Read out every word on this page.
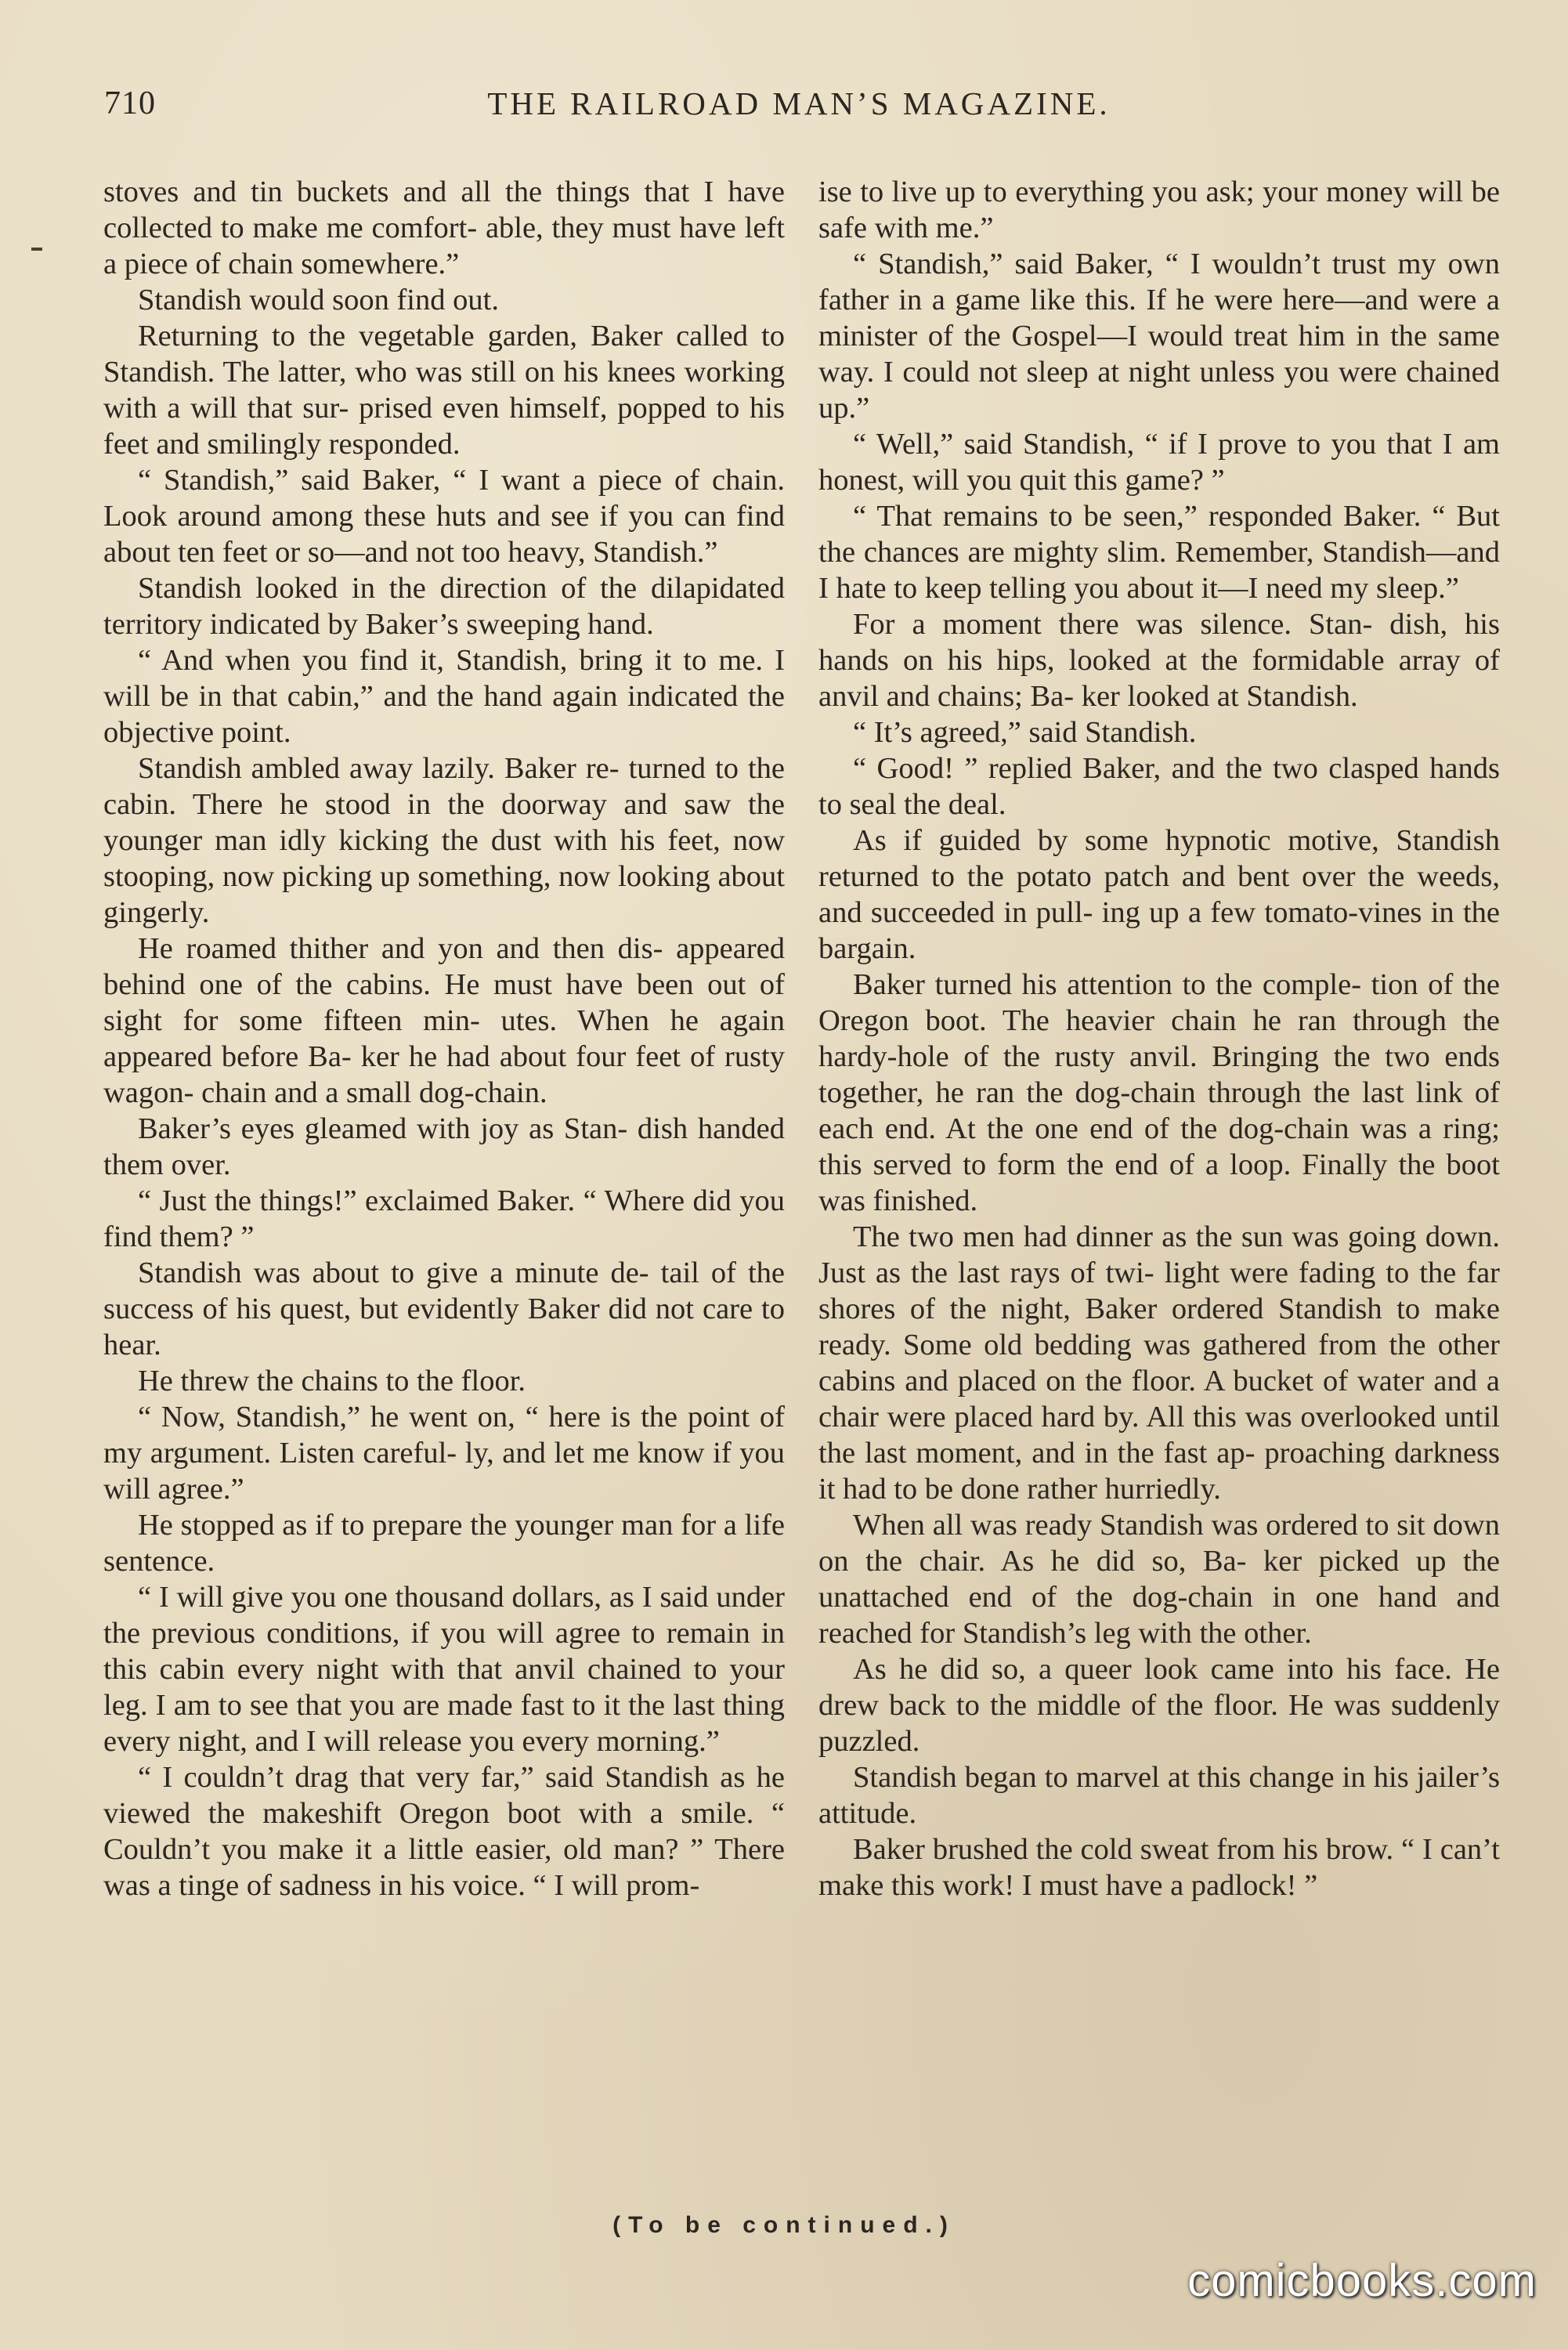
710	THE RAILROAD MAN’S MAGAZINE.

stoves and tin buckets and all the things that I have collected to make me comfort- able, they must have left a piece of chain somewhere.”

Standish would soon find out.

Returning to the vegetable garden, Baker called to Standish. The latter, who was still on his knees working with a will that sur- prised even himself, popped to his feet and smilingly responded.

“ Standish,” said Baker, “ I want a piece of chain. Look around among these huts and see if you can find about ten feet or so—and not too heavy, Standish.”

Standish looked in the direction of the dilapidated territory indicated by Baker’s sweeping hand.

“ And when you find it, Standish, bring it to me. I will be in that cabin,” and the hand again indicated the objective point.

Standish ambled away lazily. Baker re- turned to the cabin. There he stood in the doorway and saw the younger man idly kicking the dust with his feet, now stooping, now picking up something, now looking about gingerly.

He roamed thither and yon and then dis- appeared behind one of the cabins. He must have been out of sight for some fifteen min- utes. When he again appeared before Ba- ker he had about four feet of rusty wagon- chain and a small dog-chain.

Baker’s eyes gleamed with joy as Stan- dish handed them over.

“ Just the things!” exclaimed Baker. “ Where did you find them? ”

Standish was about to give a minute de- tail of the success of his quest, but evidently Baker did not care to hear.

He threw the chains to the floor.

“ Now, Standish,” he went on, “ here is the point of my argument. Listen careful- ly, and let me know if you will agree.”

He stopped as if to prepare the younger man for a life sentence.

“ I will give you one thousand dollars, as I said under the previous conditions, if you will agree to remain in this cabin every night with that anvil chained to your leg. I am to see that you are made fast to it the last thing every night, and I will release you every morning.”

“ I couldn’t drag that very far,” said Standish as he viewed the makeshift Oregon boot with a smile. “ Couldn’t you make it a little easier, old man? ” There was a tinge of sadness in his voice. “ I will prom-

ise to live up to everything you ask; your money will be safe with me.”

“ Standish,” said Baker, “ I wouldn’t trust my own father in a game like this. If he were here—and were a minister of the Gospel—I would treat him in the same way. I could not sleep at night unless you were chained up.”

“ Well,” said Standish, “ if I prove to you that I am honest, will you quit this game? ”

“ That remains to be seen,” responded Baker. “ But the chances are mighty slim. Remember, Standish—and I hate to keep telling you about it—I need my sleep.”

For a moment there was silence. Stan- dish, his hands on his hips, looked at the formidable array of anvil and chains; Ba- ker looked at Standish.

“ It’s agreed,” said Standish.

“ Good! ” replied Baker, and the two clasped hands to seal the deal.

As if guided by some hypnotic motive, Standish returned to the potato patch and bent over the weeds, and succeeded in pull- ing up a few tomato-vines in the bargain.

Baker turned his attention to the comple- tion of the Oregon boot. The heavier chain he ran through the hardy-hole of the rusty anvil. Bringing the two ends together, he ran the dog-chain through the last link of each end. At the one end of the dog-chain was a ring; this served to form the end of a loop. Finally the boot was finished.

The two men had dinner as the sun was going down. Just as the last rays of twi- light were fading to the far shores of the night, Baker ordered Standish to make ready. Some old bedding was gathered from the other cabins and placed on the floor. A bucket of water and a chair were placed hard by. All this was overlooked until the last moment, and in the fast ap- proaching darkness it had to be done rather hurriedly.

When all was ready Standish was ordered to sit down on the chair. As he did so, Ba- ker picked up the unattached end of the dog-chain in one hand and reached for Standish’s leg with the other.

As he did so, a queer look came into his face. He drew back to the middle of the floor. He was suddenly puzzled.

Standish began to marvel at this change in his jailer’s attitude.

Baker brushed the cold sweat from his brow. “ I can’t make this work! I must have a padlock! ”

(To be continued.)
comicbooks.com
